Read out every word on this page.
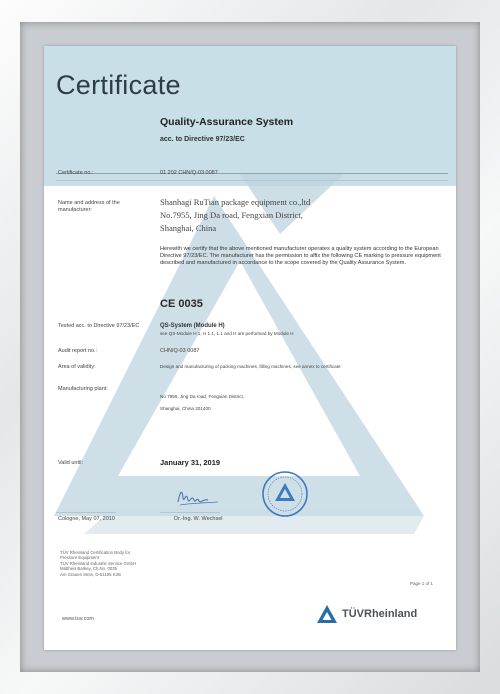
Certificate
Quality-Assurance System
acc. to Directive 97/23/EC
Certificate no.:	01 202 CHN/Q-03 0087
Name and address of the manufacturer:
Shanhagi RuTian package equipment co.,ltd
No.7955, Jing Da road, Fengxian District,
Shanghai, China
Herewith we certify that the above mentioned manufacturer operates a quality system according to the European Directive 97/23/EC. The manufacturer has the permission to affix the following CE marking to pressure equipment described and manufactured in accordance to the scope covered by the Quality Assurance System.
CE 0035
Tested acc. to Directive 97/23/EC	QS-System (Module H)
see QS-Module H 1, H 1.1, 1.1 and H are performed by Module H
Audit report no.:	CHN/Q-03 0087
Area of validity:	Design and manufacturing of packing machines, filling machines, see annex to certificate
Manufacturing plant:
No.7955, Jing Da road, Fengxian District,
Shanghai, China 201400
Valid until:	January 31, 2019
Cologne, May 07, 2010	Dr.-Ing. W. Wechsel
TÜV Rheinland Certification Body for
Pressure Equipment
TÜV Rheinland Industrie Service GmbH
Mattheis Barkey, Ch.No. 0035
Am Grauen Stein, D-51105 Köln
Page 1 of 1
www.tuv.com	TÜVRheinland
